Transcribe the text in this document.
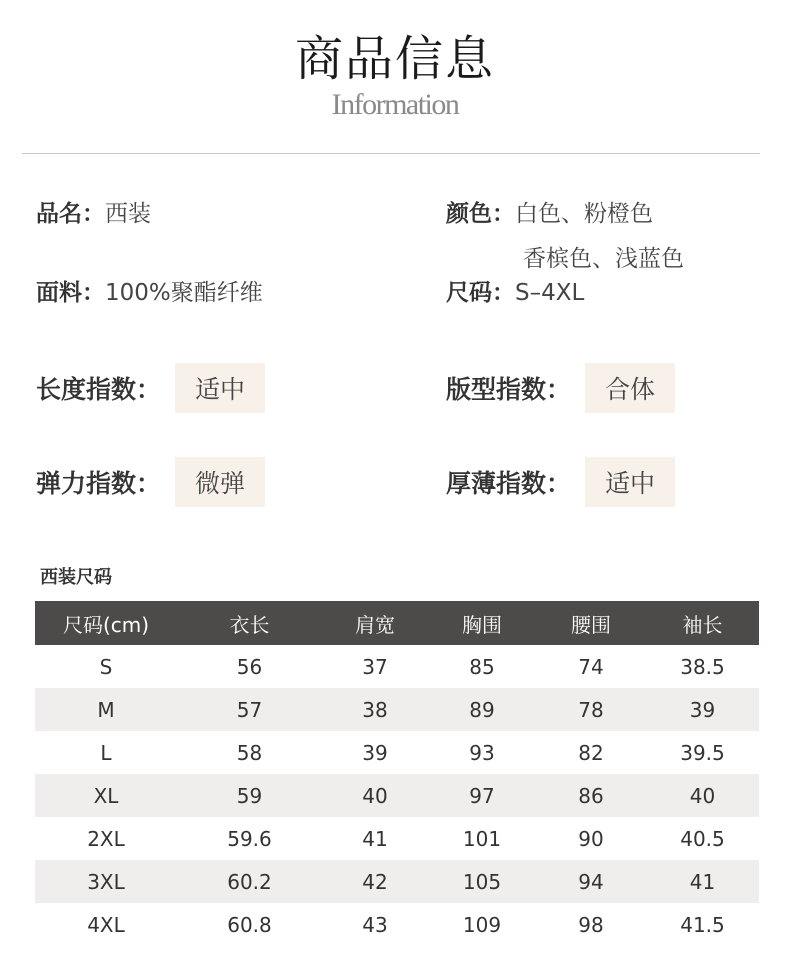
商品信息
Information
品名：西装
面料：100%聚酯纤维
颜色：白色、粉橙色
香槟色、浅蓝色
尺码：S–4XL
长度指数：	适中	版型指数：	合体
弹力指数：	微弹	厚薄指数：	适中
西装尺码
尺码(cm)	衣长	肩宽	胸围	腰围	袖长
S	56	37	85	74	38.5
M	57	38	89	78	39
L	58	39	93	82	39.5
XL	59	40	97	86	40
2XL	59.6	41	101	90	40.5
3XL	60.2	42	105	94	41
4XL	60.8	43	109	98	41.5
